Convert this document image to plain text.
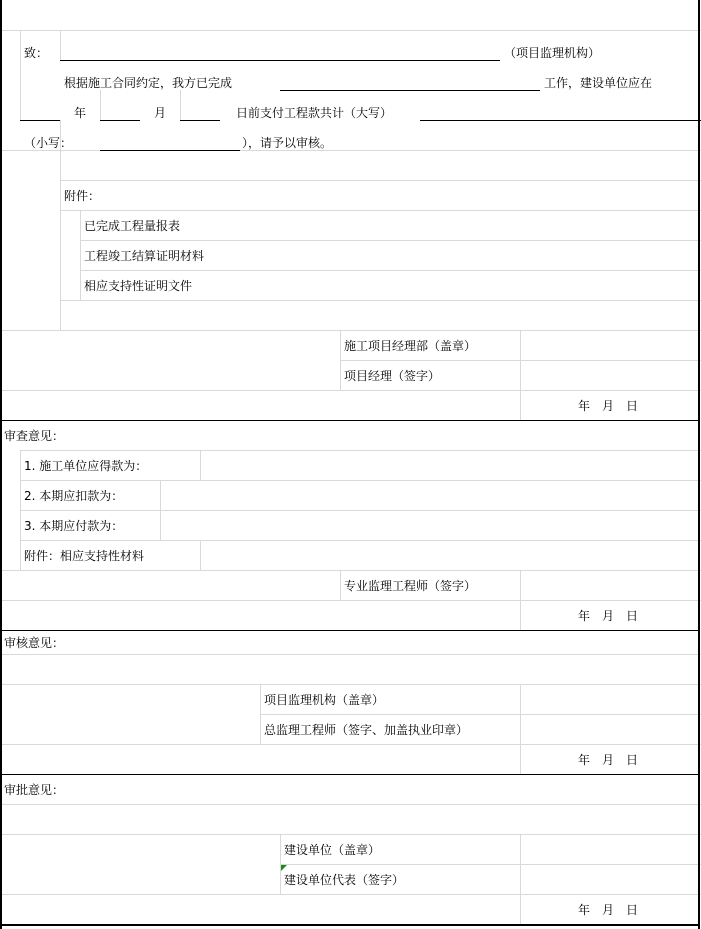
致：	（项目监理机构）
根据施工合同约定，我方已完成	工作，建设单位应在
年	月	日前支付工程款共计（大写）
（小写：	），请予以审核。
附件：
已完成工程量报表
工程竣工结算证明材料
相应支持性证明文件
施工项目经理部（盖章）
项目经理（签字）
年　月　日
审查意见：
1. 施工单位应得款为：
2. 本期应扣款为：
3. 本期应付款为：
附件：相应支持性材料
专业监理工程师（签字）
年　月　日
审核意见：
项目监理机构（盖章）
总监理工程师（签字、加盖执业印章）
年　月　日
审批意见：
建设单位（盖章）
建设单位代表（签字）
年　月　日
